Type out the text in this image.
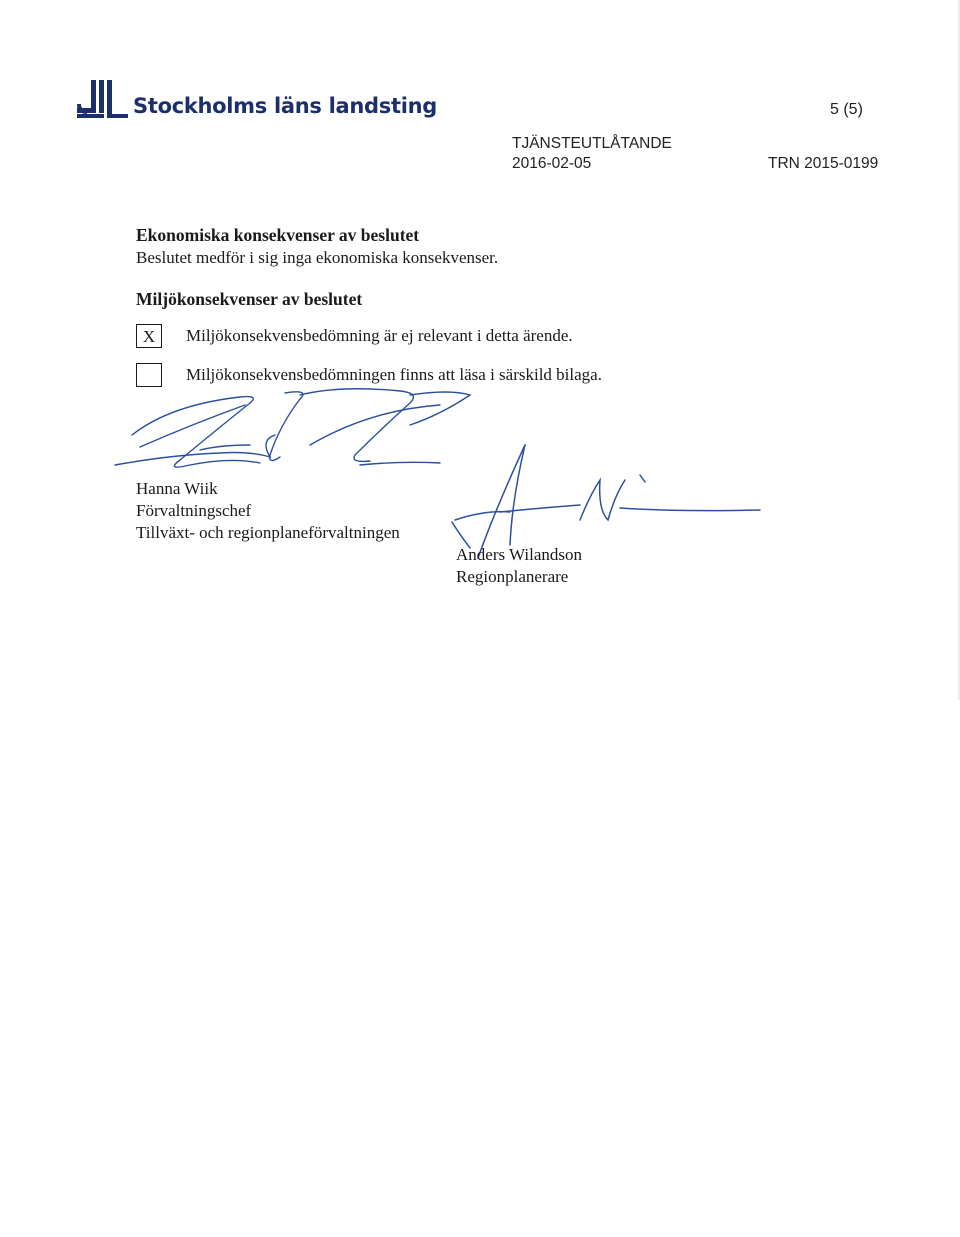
Stockholms läns landsting	5 (5)
TJÄNSTEUTLÅTANDE
2016-02-05	TRN 2015-0199
Ekonomiska konsekvenser av beslutet
Beslutet medför i sig inga ekonomiska konsekvenser.
Miljökonsekvenser av beslutet
X	Miljökonsekvensbedömning är ej relevant i detta ärende.
Miljökonsekvensbedömningen finns att läsa i särskild bilaga.
Hanna Wiik
Förvaltningschef
Tillväxt- och regionplaneförvaltningen
Anders Wilandson
Regionplanerare
